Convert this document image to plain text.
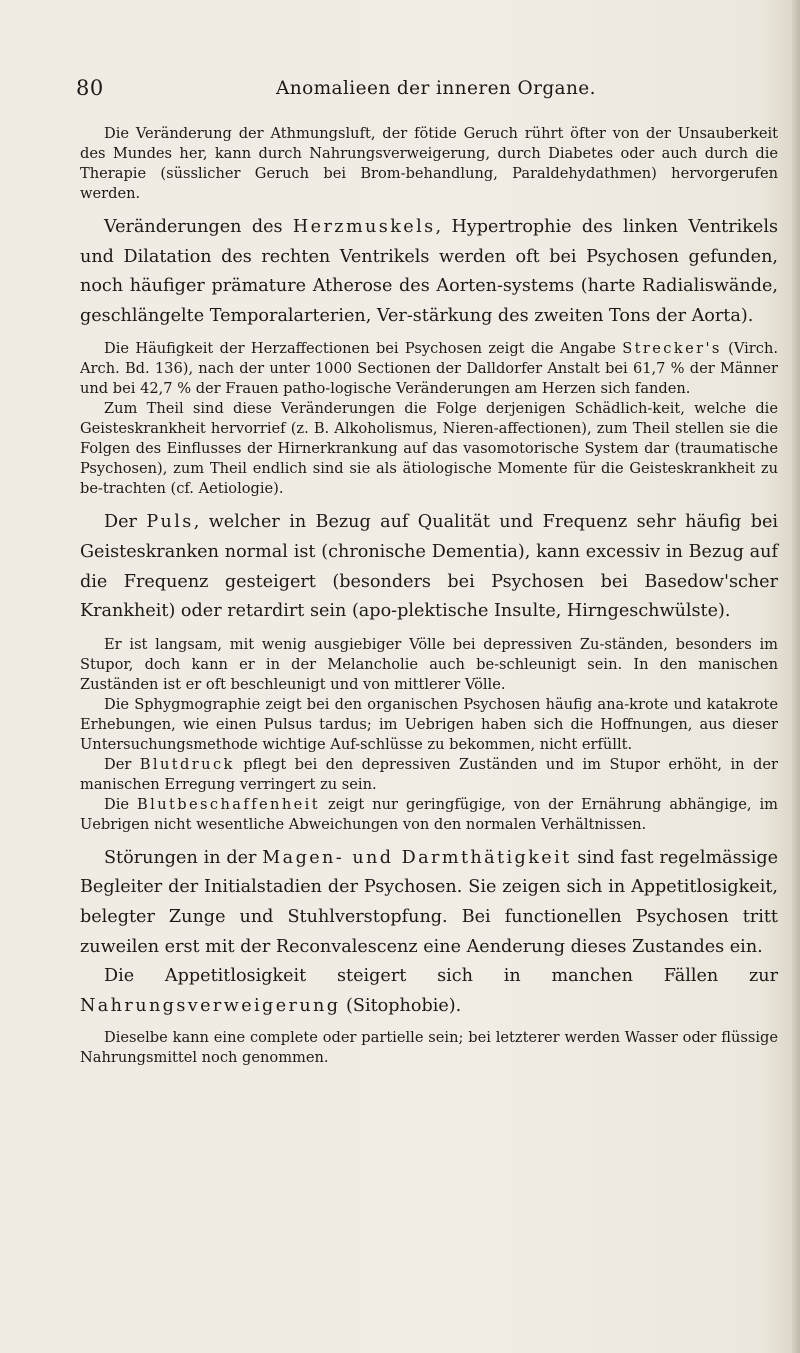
80	Anomalieen der inneren Organe.

Die Veränderung der Athmungsluft, der fötide Geruch rührt öfter von der Unsauberkeit des Mundes her, kann durch Nahrungsverweigerung, durch Diabetes oder auch durch die Therapie (süsslicher Geruch bei Brom-behandlung, Paraldehydathmen) hervorgerufen werden.

Veränderungen des Herzmuskels, Hypertrophie des linken Ventrikels und Dilatation des rechten Ventrikels werden oft bei Psychosen gefunden, noch häufiger prämature Atherose des Aorten-systems (harte Radialiswände, geschlängelte Temporalarterien, Ver-stärkung des zweiten Tons der Aorta).

Die Häufigkeit der Herzaffectionen bei Psychosen zeigt die Angabe Strecker's (Virch. Arch. Bd. 136), nach der unter 1000 Sectionen der Dalldorfer Anstalt bei 61,7 % der Männer und bei 42,7 % der Frauen patho-logische Veränderungen am Herzen sich fanden.

Zum Theil sind diese Veränderungen die Folge derjenigen Schädlich-keit, welche die Geisteskrankheit hervorrief (z. B. Alkoholismus, Nieren-affectionen), zum Theil stellen sie die Folgen des Einflusses der Hirnerkrankung auf das vasomotorische System dar (traumatische Psychosen), zum Theil endlich sind sie als ätiologische Momente für die Geisteskrankheit zu be-trachten (cf. Aetiologie).

Der Puls, welcher in Bezug auf Qualität und Frequenz sehr häufig bei Geisteskranken normal ist (chronische Dementia), kann excessiv in Bezug auf die Frequenz gesteigert (besonders bei Psychosen bei Basedow'scher Krankheit) oder retardirt sein (apo-plektische Insulte, Hirngeschwülste).

Er ist langsam, mit wenig ausgiebiger Völle bei depressiven Zu-ständen, besonders im Stupor, doch kann er in der Melancholie auch be-schleunigt sein. In den manischen Zuständen ist er oft beschleunigt und von mittlerer Völle.

Die Sphygmographie zeigt bei den organischen Psychosen häufig ana-krote und katakrote Erhebungen, wie einen Pulsus tardus; im Uebrigen haben sich die Hoffnungen, aus dieser Untersuchungsmethode wichtige Auf-schlüsse zu bekommen, nicht erfüllt.

Der Blutdruck pflegt bei den depressiven Zuständen und im Stupor erhöht, in der manischen Erregung verringert zu sein.

Die Blutbeschaffenheit zeigt nur geringfügige, von der Ernährung abhängige, im Uebrigen nicht wesentliche Abweichungen von den normalen Verhältnissen.

Störungen in der Magen- und Darmthätigkeit sind fast regelmässige Begleiter der Initialstadien der Psychosen. Sie zeigen sich in Appetitlosigkeit, belegter Zunge und Stuhlverstopfung. Bei functionellen Psychosen tritt zuweilen erst mit der Reconvalescenz eine Aenderung dieses Zustandes ein.

Die Appetitlosigkeit steigert sich in manchen Fällen zur Nahrungsverweigerung (Sitophobie).

Dieselbe kann eine complete oder partielle sein; bei letzterer werden Wasser oder flüssige Nahrungsmittel noch genommen.
